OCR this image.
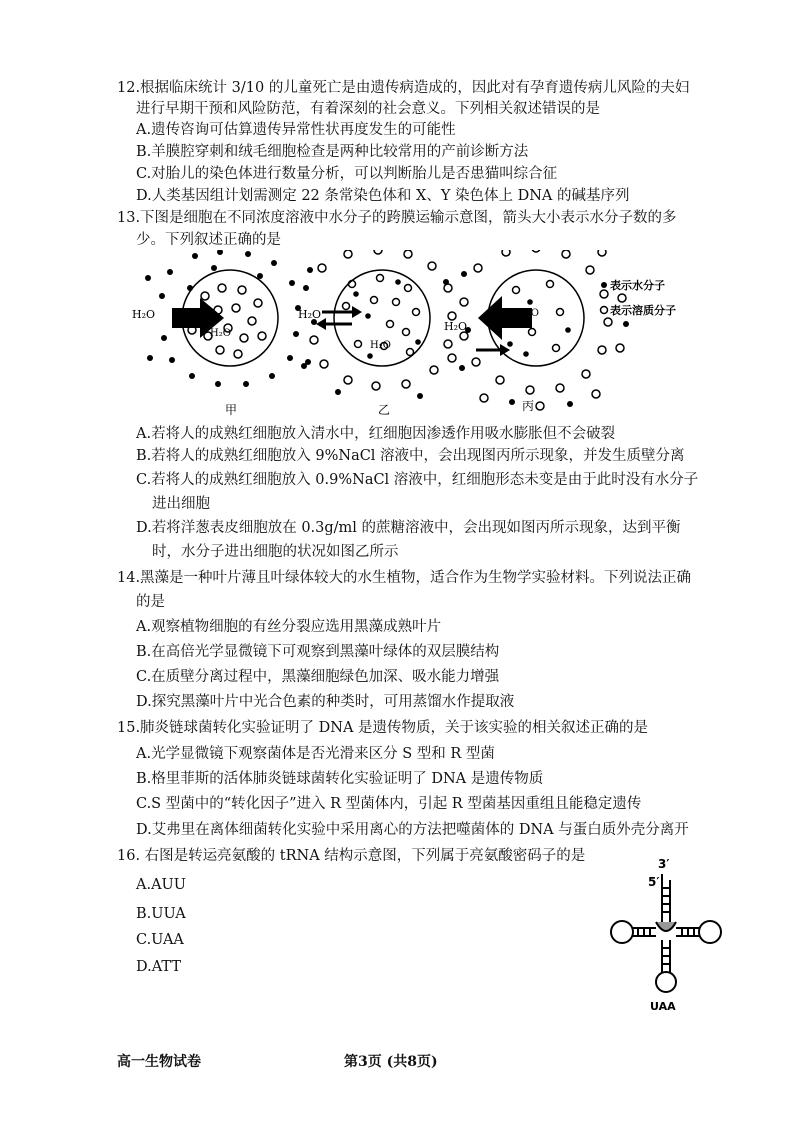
12.根据临床统计 3/10 的儿童死亡是由遗传病造成的，因此对有孕育遗传病儿风险的夫妇
进行早期干预和风险防范，有着深刻的社会意义。下列相关叙述错误的是
A.遗传咨询可估算遗传异常性状再度发生的可能性
B.羊膜腔穿刺和绒毛细胞检查是两种比较常用的产前诊断方法
C.对胎儿的染色体进行数量分析，可以判断胎儿是否患猫叫综合征
D.人类基因组计划需测定 22 条常染色体和 X、Y 染色体上 DNA 的碱基序列
13.下图是细胞在不同浓度溶液中水分子的跨膜运输示意图，箭头大小表示水分子数的多
少。下列叙述正确的是
H₂O
H₂O
甲
H₂O
H₂O
乙
H₂O
H₂O
丙
表示水分子
表示溶质分子
A.若将人的成熟红细胞放入清水中，红细胞因渗透作用吸水膨胀但不会破裂
B.若将人的成熟红细胞放入 9%NaCl 溶液中，会出现图丙所示现象，并发生质壁分离
C.若将人的成熟红细胞放入 0.9%NaCl 溶液中，红细胞形态未变是由于此时没有水分子
进出细胞
D.若将洋葱表皮细胞放在 0.3g/ml 的蔗糖溶液中，会出现如图丙所示现象，达到平衡
时，水分子进出细胞的状况如图乙所示
14.黑藻是一种叶片薄且叶绿体较大的水生植物，适合作为生物学实验材料。下列说法正确
的是
A.观察植物细胞的有丝分裂应选用黑藻成熟叶片
B.在高倍光学显微镜下可观察到黑藻叶绿体的双层膜结构
C.在质壁分离过程中，黑藻细胞绿色加深、吸水能力增强
D.探究黑藻叶片中光合色素的种类时，可用蒸馏水作提取液
15.肺炎链球菌转化实验证明了 DNA 是遗传物质，关于该实验的相关叙述正确的是
A.光学显微镜下观察菌体是否光滑来区分 S 型和 R 型菌
B.格里菲斯的活体肺炎链球菌转化实验证明了 DNA 是遗传物质
C.S 型菌中的“转化因子”进入 R 型菌体内，引起 R 型菌基因重组且能稳定遗传
D.艾弗里在离体细菌转化实验中采用离心的方法把噬菌体的 DNA 与蛋白质外壳分离开
16. 右图是转运亮氨酸的 tRNA 结构示意图，下列属于亮氨酸密码子的是
A.AUU
B.UUA
C.UAA
D.ATT
3′
5′
UAA
高一生物试卷	第3页 (共8页)
